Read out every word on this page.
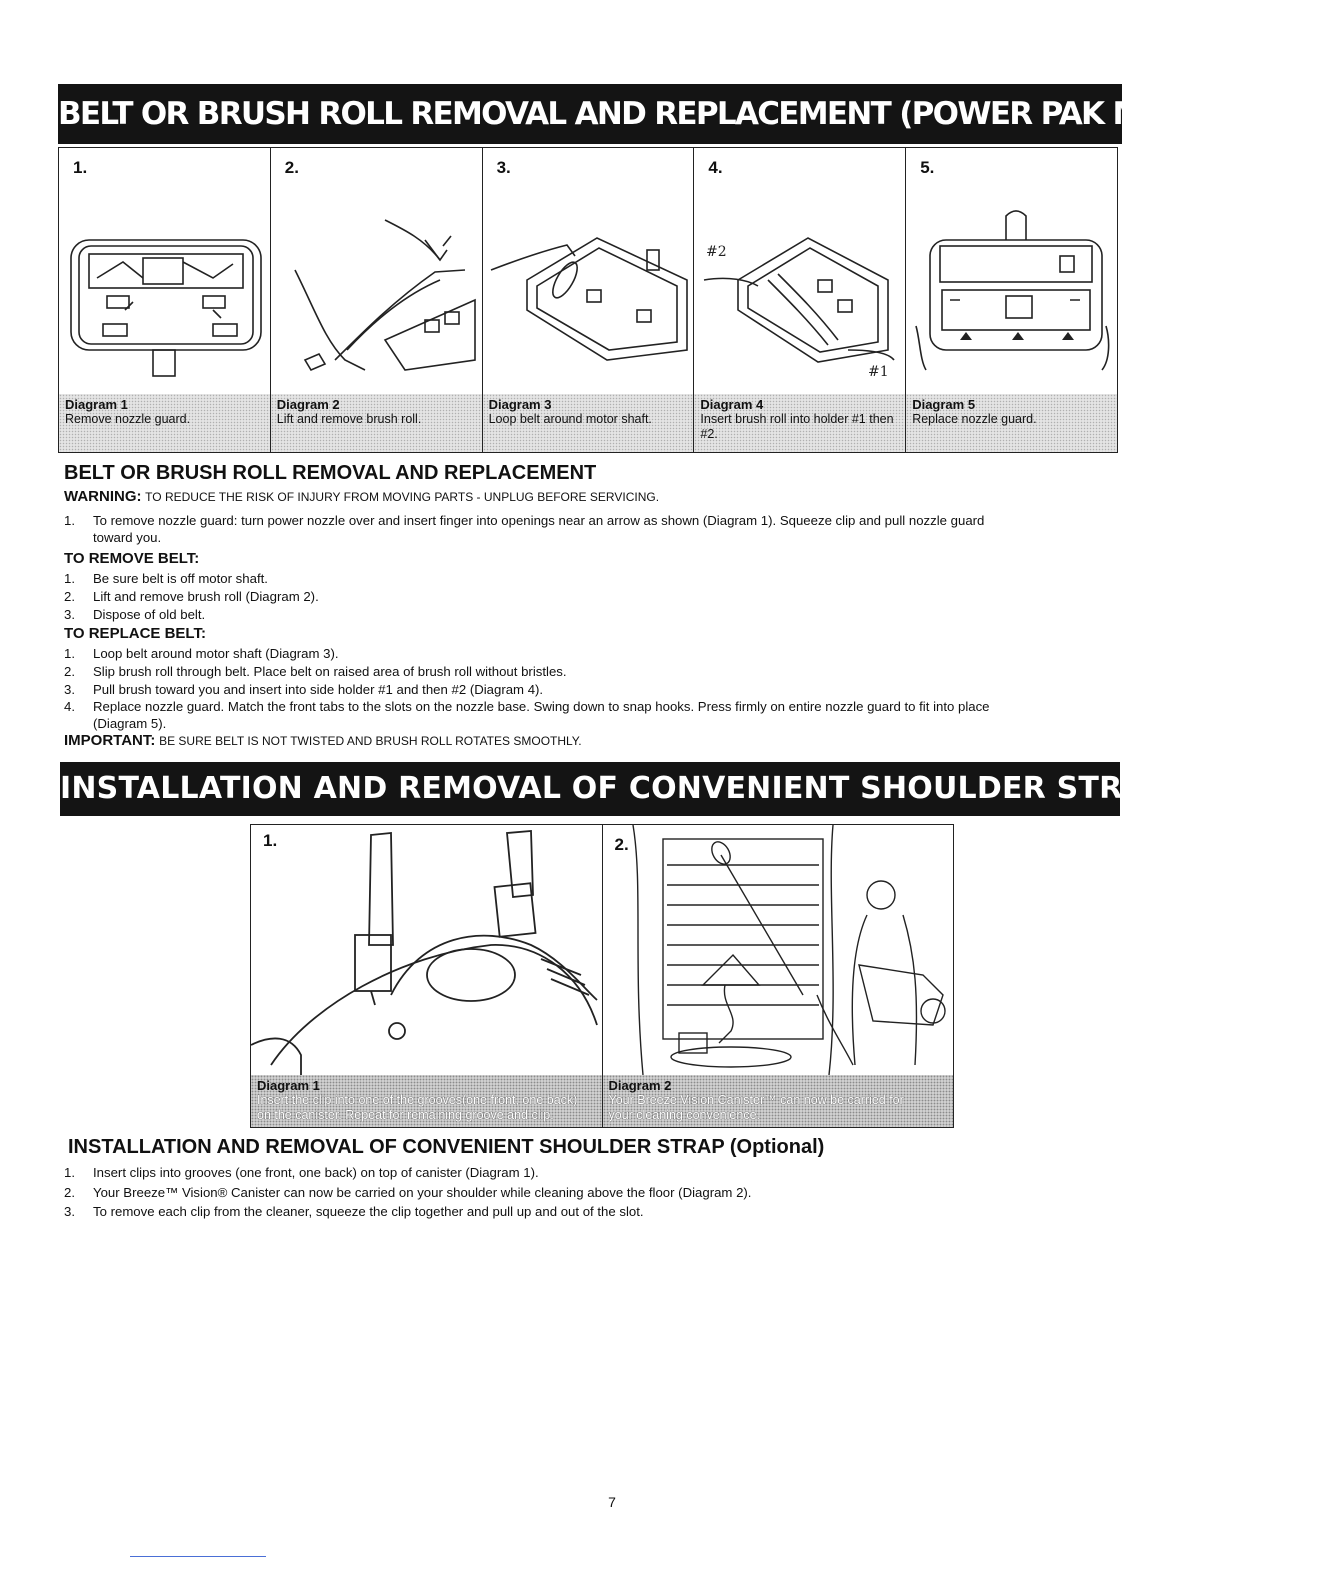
BELT OR BRUSH ROLL REMOVAL AND REPLACEMENT (POWER PAK MODEL ONLY)
1.
Diagram 1
Remove nozzle guard.
2.
Diagram 2
Lift and remove brush roll.
3.
Diagram 3
Loop belt around motor shaft.
4.
#2
#1
Diagram 4
Insert brush roll into holder #1 then #2.
5.
Diagram 5
Replace nozzle guard.
BELT OR BRUSH ROLL REMOVAL AND REPLACEMENT
WARNING: TO REDUCE THE RISK OF INJURY FROM MOVING PARTS - UNPLUG BEFORE SERVICING.
1. To remove nozzle guard: turn power nozzle over and insert finger into openings near an arrow as shown (Diagram 1). Squeeze clip and pull nozzle guard
toward you.
TO REMOVE BELT:
1. Be sure belt is off motor shaft.
2. Lift and remove brush roll (Diagram 2).
3. Dispose of old belt.
TO REPLACE BELT:
1. Loop belt around motor shaft (Diagram 3).
2. Slip brush roll through belt. Place belt on raised area of brush roll without bristles.
3. Pull brush toward you and insert into side holder #1 and then #2 (Diagram 4).
4. Replace nozzle guard. Match the front tabs to the slots on the nozzle base. Swing down to snap hooks. Press firmly on entire nozzle guard to fit into place
(Diagram 5).
IMPORTANT: BE SURE BELT IS NOT TWISTED AND BRUSH ROLL ROTATES SMOOTHLY.
INSTALLATION AND REMOVAL OF CONVENIENT SHOULDER STRAP
1.
Diagram 1
Insert the clip into one of the grooves(one front, one back)
on the canister. Repeat for remaining groove and clip.
2.
Diagram 2
Your Breeze Vision Canister™ can now be carried for
your cleaning convenience.
INSTALLATION AND REMOVAL OF CONVENIENT SHOULDER STRAP (Optional)
1. Insert clips into grooves (one front, one back) on top of canister (Diagram 1).
2. Your Breeze™ Vision® Canister can now be carried on your shoulder while cleaning above the floor (Diagram 2).
3. To remove each clip from the cleaner, squeeze the clip together and pull up and out of the slot.
7
